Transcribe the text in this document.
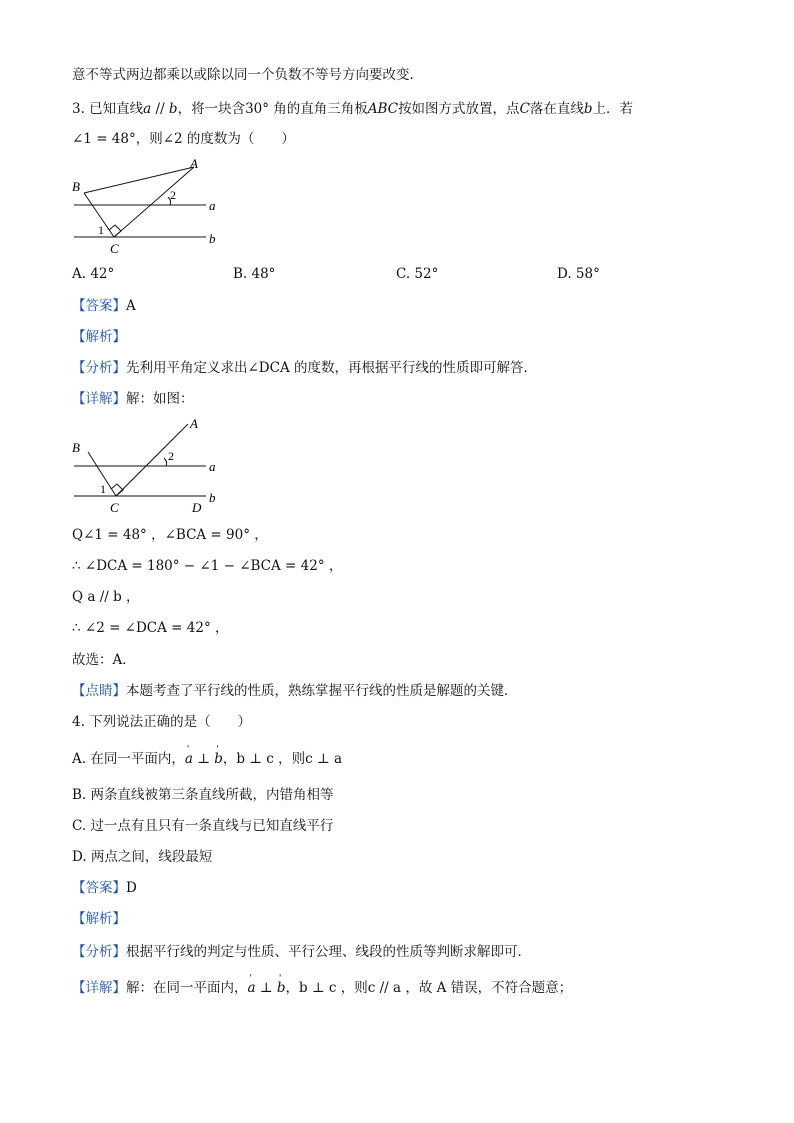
意不等式两边都乘以或除以同一个负数不等号方向要改变．
3. 已知直线a // b，将一块含30° 角的直角三角板ABC按如图方式放置，点C落在直线b上．若
∠1 = 48°，则∠2 的度数为（　　）
A
B
C
a
b
1
2
A. 42°	B. 48°	C. 52°	D. 58°
【答案】A
【解析】
【分析】先利用平角定义求出∠DCA 的度数，再根据平行线的性质即可解答．
【详解】解：如图：
A
B
C	D
a
b
1
2
Q∠1 = 48° ，∠BCA = 90° ，
∴ ∠DCA = 180° − ∠1 − ∠BCA = 42° ，
Q a // b ，
∴ ∠2 = ∠DCA = 42° ，
故选：A．
【点睛】本题考查了平行线的性质，熟练掌握平行线的性质是解题的关键．
4. 下列说法正确的是（　　）
A. 在同一平面内，' a ⊥ ' b，b ⊥ c ，则c ⊥ a
B. 两条直线被第三条直线所截，内错角相等
C. 过一点有且只有一条直线与已知直线平行
D. 两点之间，线段最短
【答案】D
【解析】
【分析】根据平行线的判定与性质、平行公理、线段的性质等判断求解即可．
【详解】解：在同一平面内，' a ⊥ ' b，b ⊥ c ，则c // a ，故 A 错误，不符合题意；
